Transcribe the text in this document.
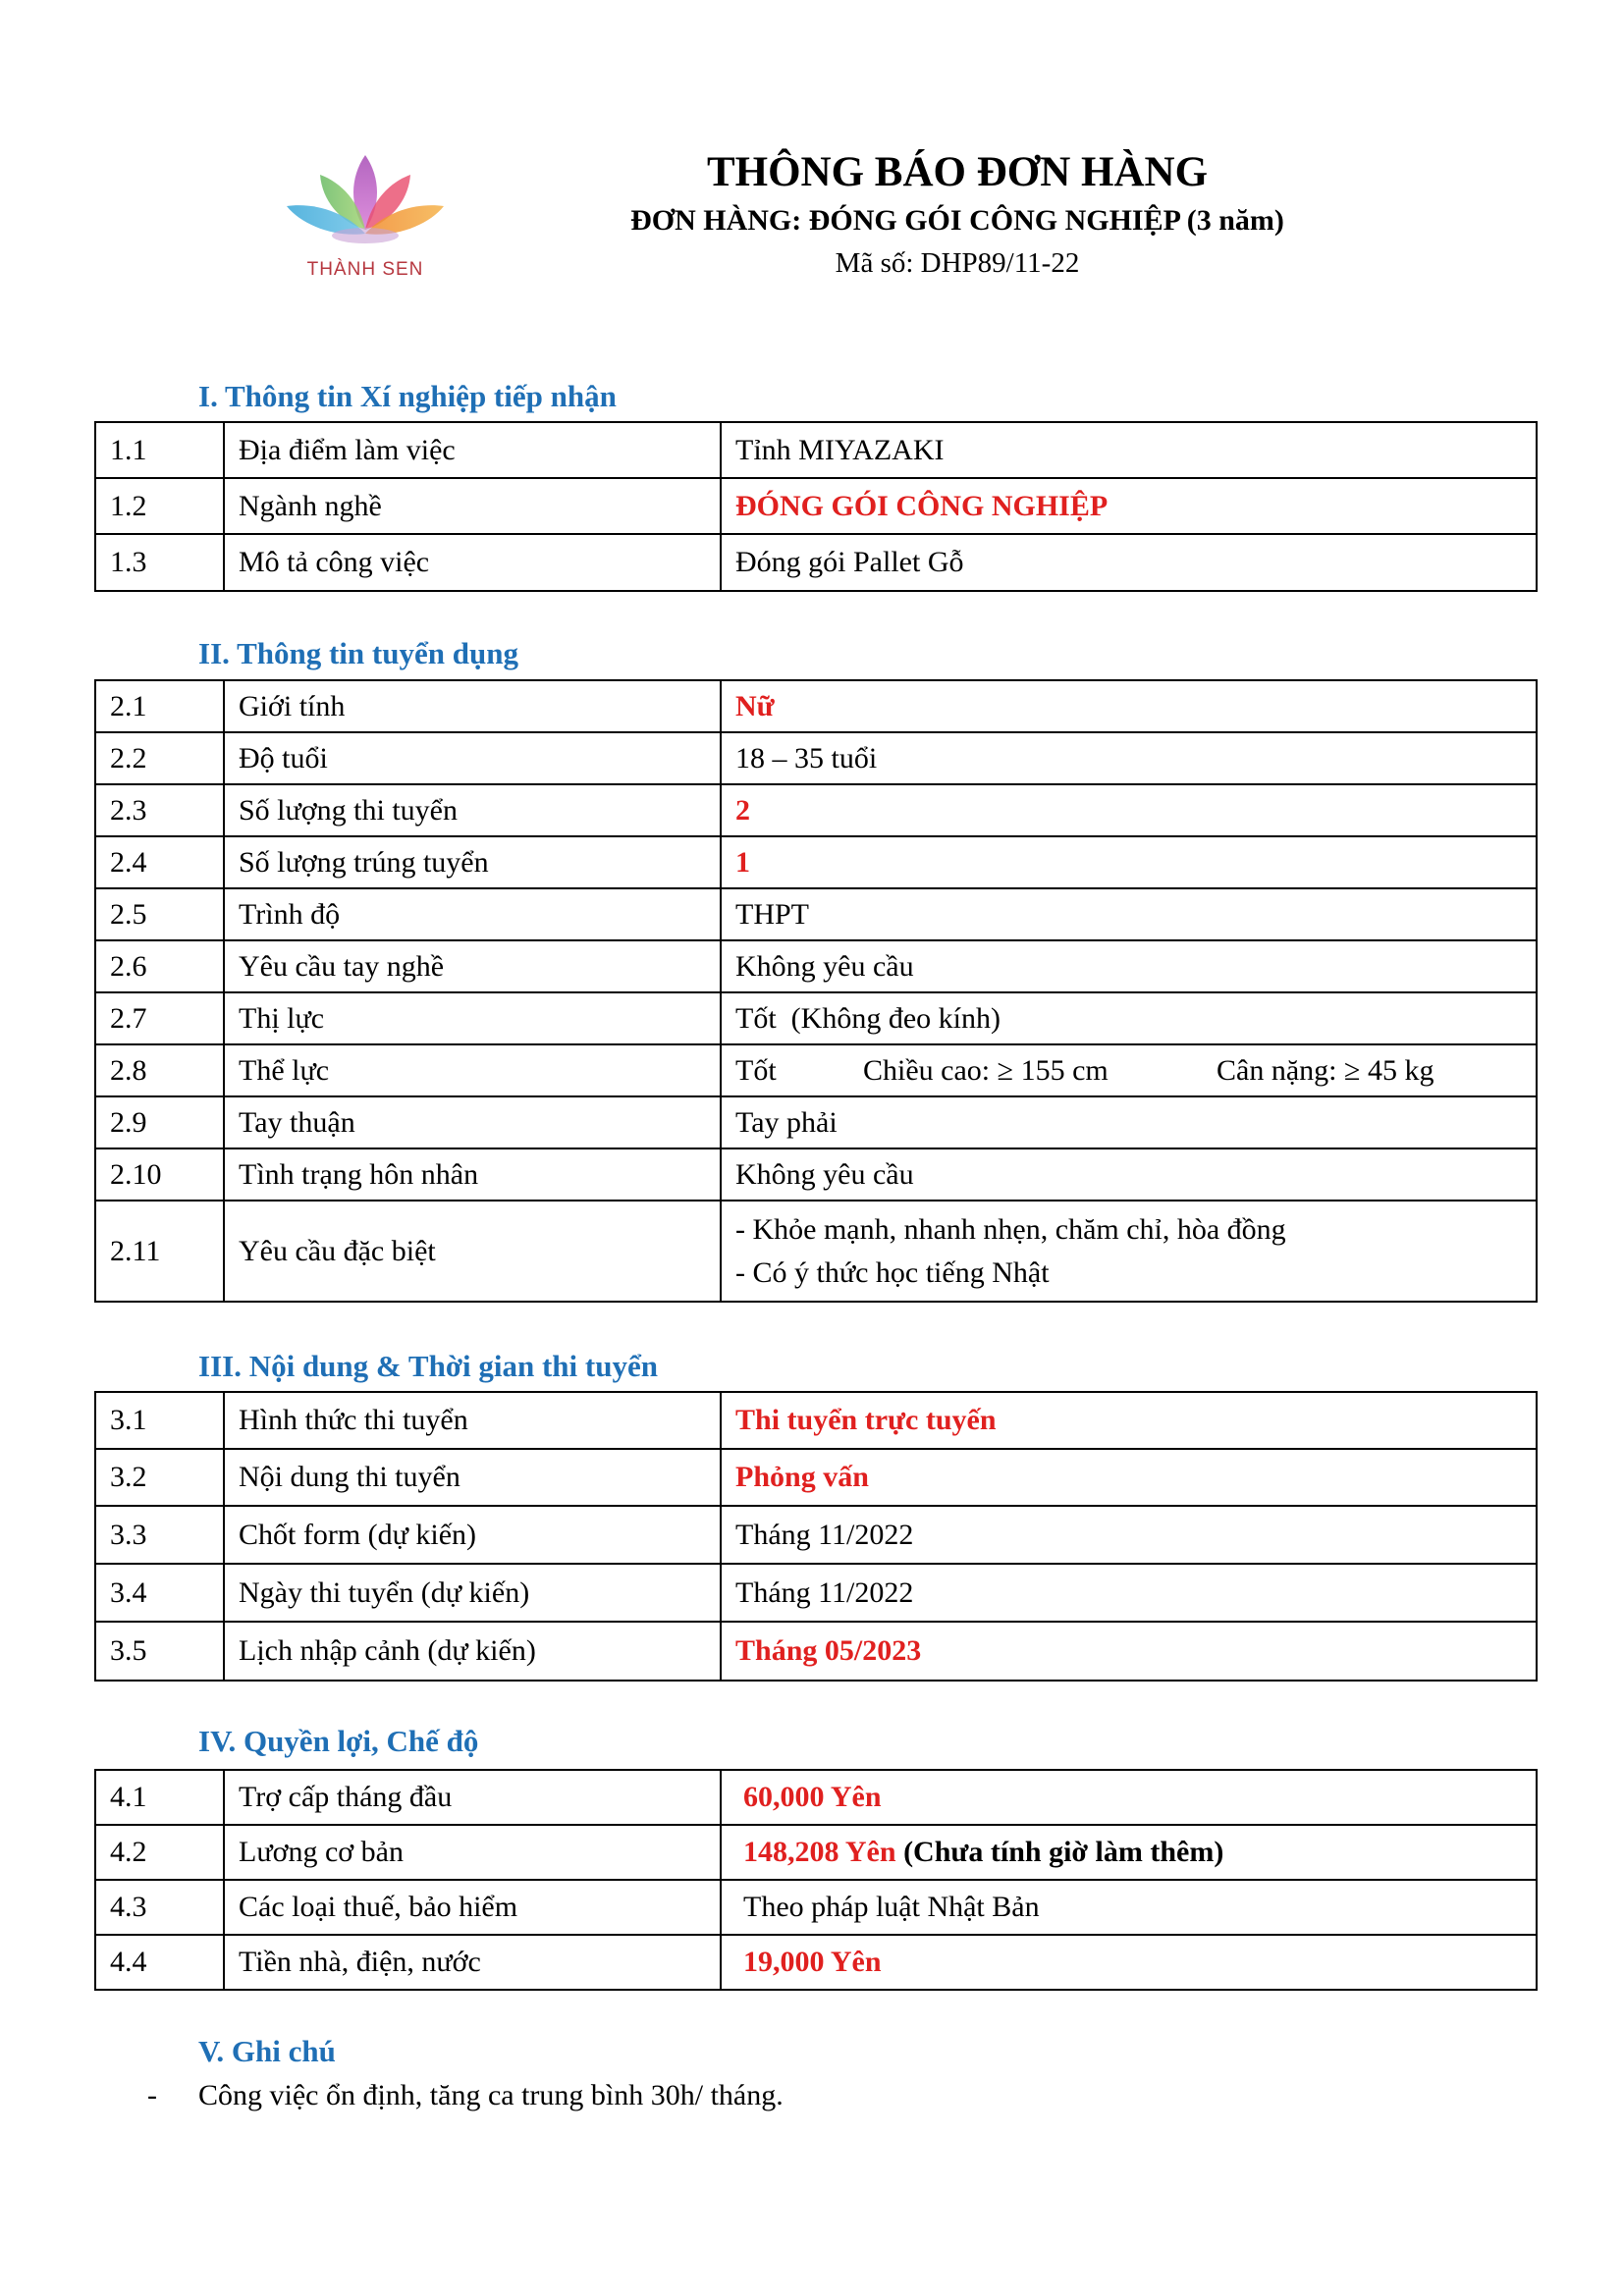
THÀNH SEN
THÔNG BÁO ĐƠN HÀNG
ĐƠN HÀNG: ĐÓNG GÓI CÔNG NGHIỆP (3 năm)
Mã số: DHP89/11-22
I. Thông tin Xí nghiệp tiếp nhận
1.1	Địa điểm làm việc	Tỉnh MIYAZAKI
1.2	Ngành nghề	ĐÓNG GÓI CÔNG NGHIỆP
1.3	Mô tả công việc	Đóng gói Pallet Gỗ
II. Thông tin tuyển dụng
2.1	Giới tính	Nữ
2.2	Độ tuổi	18 – 35 tuổi
2.3	Số lượng thi tuyển	2
2.4	Số lượng trúng tuyển	1
2.5	Trình độ	THPT
2.6	Yêu cầu tay nghề	Không yêu cầu
2.7	Thị lực	Tốt  (Không đeo kính)
2.8	Thể lực	Tốt Chiều cao: ≥ 155 cm Cân nặng: ≥ 45 kg
2.9	Tay thuận	Tay phải
2.10	Tình trạng hôn nhân	Không yêu cầu
2.11	Yêu cầu đặc biệt	- Khỏe mạnh, nhanh nhẹn, chăm chỉ, hòa đồng
- Có ý thức học tiếng Nhật
III. Nội dung & Thời gian thi tuyển
3.1	Hình thức thi tuyển	Thi tuyển trực tuyến
3.2	Nội dung thi tuyển	Phỏng vấn
3.3	Chốt form (dự kiến)	Tháng 11/2022
3.4	Ngày thi tuyển (dự kiến)	Tháng 11/2022
3.5	Lịch nhập cảnh (dự kiến)	Tháng 05/2023
IV. Quyền lợi, Chế độ
4.1	Trợ cấp tháng đầu	60,000 Yên
4.2	Lương cơ bản	148,208 Yên (Chưa tính giờ làm thêm)
4.3	Các loại thuế, bảo hiểm	Theo pháp luật Nhật Bản
4.4	Tiền nhà, điện, nước	19,000 Yên
V. Ghi chú
- Công việc ổn định, tăng ca trung bình 30h/ tháng.
